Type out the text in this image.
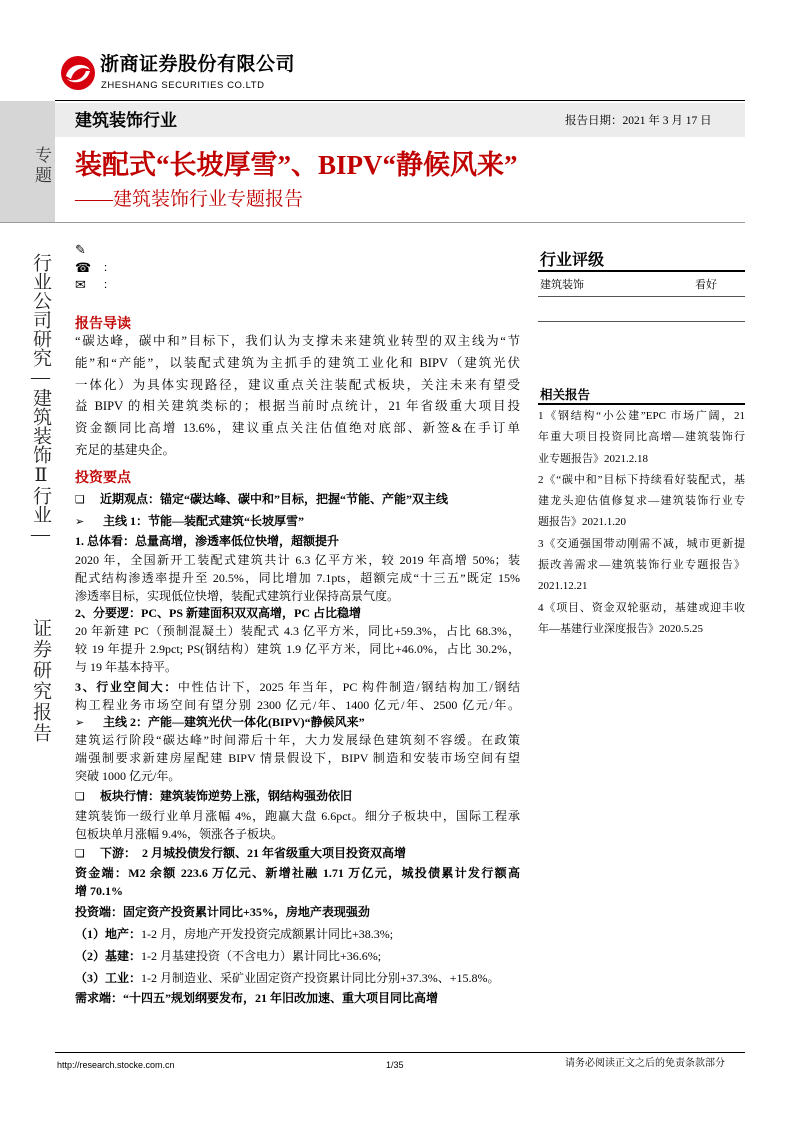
浙商证券股份有限公司
ZHESHANG SECURITIES CO.LTD
建筑装饰行业	报告日期：2021 年 3 月 17 日
专题 装配式“长坡厚雪”、BIPV“静候风来”
——建筑装饰行业专题报告
行业公司研究—建筑装饰Ⅱ行业—
证券研究报告
✎
☎ ：
✉ ：
行业评级
建筑装饰	看好
相关报告
1《钢结构“小公建”EPC 市场广阔，21
年重大项目投资同比高增—建筑装饰行
业专题报告》2021.2.18
2《“碳中和”目标下持续看好装配式，基
建龙头迎估值修复求—建筑装饰行业专
题报告》2021.1.20
3《交通强国带动刚需不减，城市更新提
振改善需求—建筑装饰行业专题报告》
2021.12.21
4《项目、资金双轮驱动，基建或迎丰收
年—基建行业深度报告》2020.5.25
报告导读
“碳达峰，碳中和”目标下，我们认为支撑未来建筑业转型的双主线为“节
能”和“产能”，以装配式建筑为主抓手的建筑工业化和 BIPV（建筑光伏
一体化）为具体实现路径，建议重点关注装配式板块，关注未来有望受
益 BIPV 的相关建筑类标的；根据当前时点统计，21 年省级重大项目投
资金额同比高增 13.6%，建议重点关注估值绝对底部、新签&在手订单
充足的基建央企。
投资要点
❑ 近期观点：锚定“碳达峰、碳中和”目标，把握“节能、产能”双主线
➢ 主线 1：节能—装配式建筑“长坡厚雪”
1. 总体看：总量高增，渗透率低位快增，超额提升
2020 年，全国新开工装配式建筑共计 6.3 亿平方米，较 2019 年高增 50%；装
配式结构渗透率提升至 20.5%，同比增加 7.1pts，超额完成“十三五”既定 15%
渗透率目标，实现低位快增，装配式建筑行业保持高景气度。
2、分要逻：PC、PS 新建面积双双高增，PC 占比稳增
20 年新建 PC（预制混凝土）装配式 4.3 亿平方米，同比+59.3%，占比 68.3%，
较 19 年提升 2.9pct; PS(钢结构）建筑 1.9 亿平方米，同比+46.0%，占比 30.2%，
与 19 年基本持平。
3、行业空间大：中性估计下，2025 年当年，PC 构件制造/钢结构加工/钢结
构工程业务市场空间有望分别 2300 亿元/年、1400 亿元/年、2500 亿元/年。
➢ 主线 2：产能—建筑光伏一体化(BIPV)“静候风来”
建筑运行阶段“碳达峰”时间滞后十年，大力发展绿色建筑刻不容缓。在政策
端强制要求新建房屋配建 BIPV 情景假设下，BIPV 制造和安装市场空间有望
突破 1000 亿元/年。
❑ 板块行情：建筑装饰逆势上涨，钢结构强劲依旧
建筑装饰一级行业单月涨幅 4%，跑赢大盘 6.6pct。细分子板块中，国际工程承
包板块单月涨幅 9.4%，领涨各子板块。
❑ 下游：  2 月城投债发行额、21 年省级重大项目投资双高增
资金端：M2 余额 223.6 万亿元、新增社融 1.71 万亿元，城投债累计发行额高
增 70.1%
投资端：固定资产投资累计同比+35%，房地产表现强劲
（1）地产：1-2 月，房地产开发投资完成额累计同比+38.3%;
（2）基建：1-2 月基建投资（不含电力）累计同比+36.6%;
（3）工业：1-2 月制造业、采矿业固定资产投资累计同比分别+37.3%、+15.8%。
需求端：“十四五”规划纲要发布，21 年旧改加速、重大项目同比高增
http://research.stocke.com.cn	1/35	请务必阅读正文之后的免责条款部分
